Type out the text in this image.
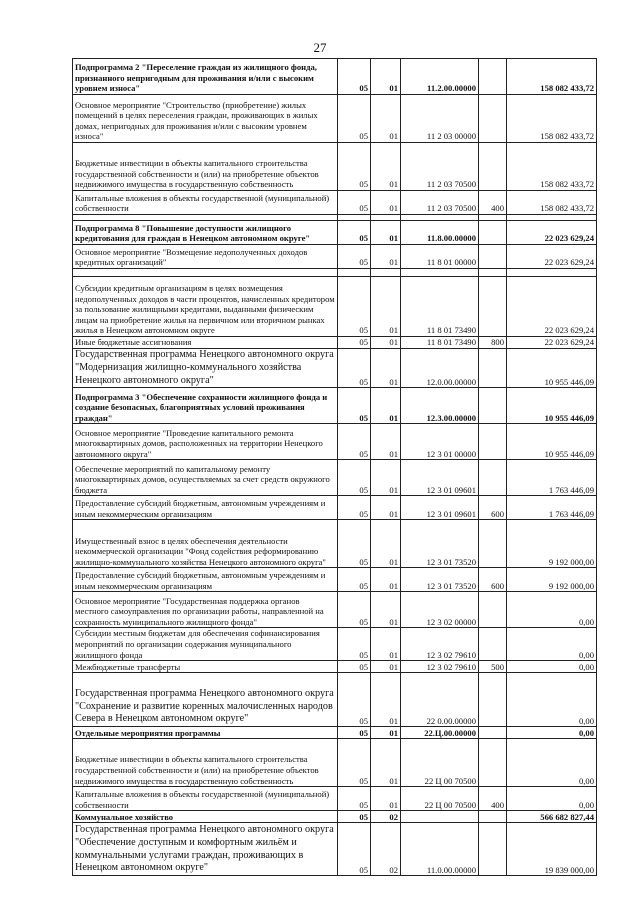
27
Подпрограмма 2 "Переселение граждан из жилищного фонда, признанного непригодным для проживания и/или с высоким уровнем износа"	05	01	11.2.00.00000		158 082 433,72
Основное мероприятие "Строительство (приобретение) жилых помещений в целях переселения граждан, проживающих в жилых домах, непригодных для проживания и/или с высоким уровнем износа"	05	01	11 2 03 00000		158 082 433,72
Бюджетные инвестиции в объекты капитального строительства государственной собственности и (или) на приобретение объектов недвижимого имущества в государственную собственность	05	01	11 2 03 70500		158 082 433,72
Капитальные вложения в объекты государственной (муниципальной) собственности	05	01	11 2 03 70500	400	158 082 433,72

Подпрограмма 8 "Повышение доступности жилищного кредитования для граждан в Ненецком автономном округе"	05	01	11.8.00.00000		22 023 629,24
Основное мероприятие "Возмещение недополученных доходов кредитных организаций"	05	01	11 8 01 00000		22 023 629,24

Субсидии кредитным организациям в целях возмещения недополученных доходов в части процентов, начисленных кредитором за пользование жилищными кредитами, выданными физическим лицам на приобретение жилья на первичном или вторичном рынках жилья в Ненецком автономном округе	05	01	11 8 01 73490		22 023 629,24
Иные бюджетные ассигнования	05	01	11 8 01 73490	800	22 023 629,24
Государственная программа Ненецкого автономного округа "Модернизация жилищно-коммунального хозяйства Ненецкого автономного округа"	05	01	12.0.00.00000		10 955 446,09
Подпрограмма 3 "Обеспечение сохранности жилищного фонда и создание безопасных, благоприятных условий проживания граждан"	05	01	12.3.00.00000		10 955 446,09
Основное мероприятие "Проведение капитального ремонта многоквартирных домов, расположенных на территории Ненецкого автономного округа"	05	01	12 3 01 00000		10 955 446,09
Обеспечение мероприятий по капитальному ремонту многоквартирных домов, осуществляемых за счет средств окружного бюджета	05	01	12 3 01 09601		1 763 446,09
Предоставление субсидий бюджетным, автономным учреждениям и иным некоммерческим организациям	05	01	12 3 01 09601	600	1 763 446,09
Имущественный взнос в целях обеспечения деятельности некоммерческой организации "Фонд содействия реформированию жилищно-коммунального хозяйства Ненецкого автономного округа"	05	01	12 3 01 73520		9 192 000,00
Предоставление субсидий бюджетным, автономным учреждениям и иным некоммерческим организациям	05	01	12 3 01 73520	600	9 192 000,00
Основное мероприятие "Государственная поддержка органов местного самоуправления по организации работы, направленной на сохранность муниципального жилищного фонда"	05	01	12 3 02 00000		0,00
Субсидии местным бюджетам для обеспечения софинансирования мероприятий по организации содержания муниципального жилищного фонда	05	01	12 3 02 79610		0,00
Межбюджетные трансферты	05	01	12 3 02 79610	500	0,00
Государственная программа Ненецкого автономного округа "Сохранение и развитие коренных малочисленных народов Севера в Ненецком автономном округе"	05	01	22 0.00.00000		0,00
Отдельные мероприятия программы	05	01	22.Ц.00.00000		0,00
Бюджетные инвестиции в объекты капитального строительства государственной собственности и (или) на приобретение объектов недвижимого имущества в государственную собственность	05	01	22 Ц 00 70500		0,00
Капитальные вложения в объекты государственной (муниципальной) собственности	05	01	22 Ц 00 70500	400	0,00
Коммунальное хозяйство	05	02			566 682 827,44
Государственная программа Ненецкого автономного округа "Обеспечение доступным и комфортным жильём и коммунальными услугами граждан, проживающих в Ненецком автономном округе"	05	02	11.0.00.00000		19 839 000,00
